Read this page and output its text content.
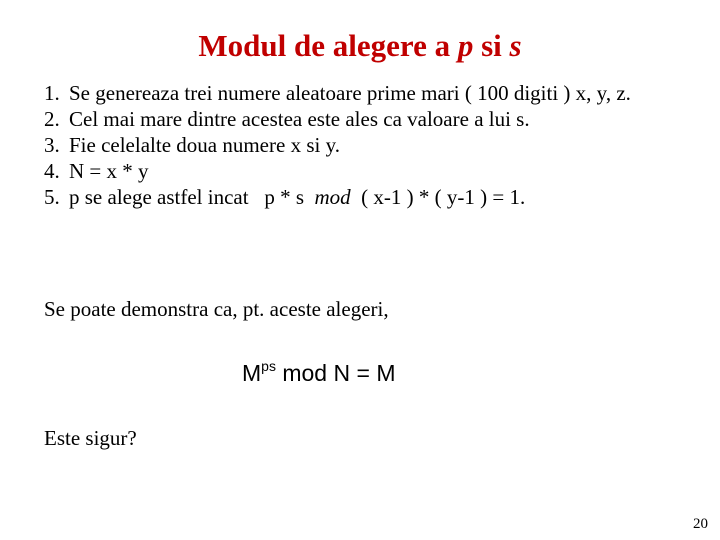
Modul de alegere a p si s
1. Se genereaza trei numere aleatoare prime mari ( 100 digiti ) x, y, z.
2. Cel mai mare dintre acestea este ales ca valoare a lui s.
3. Fie celelalte doua numere x si y.
4. N = x * y
5. p se alege astfel incat   p * s  mod  ( x-1 ) * ( y-1 ) = 1.
Se poate demonstra ca, pt. aceste alegeri,
$M^{ps}$ mod N = M
Este sigur?
20
